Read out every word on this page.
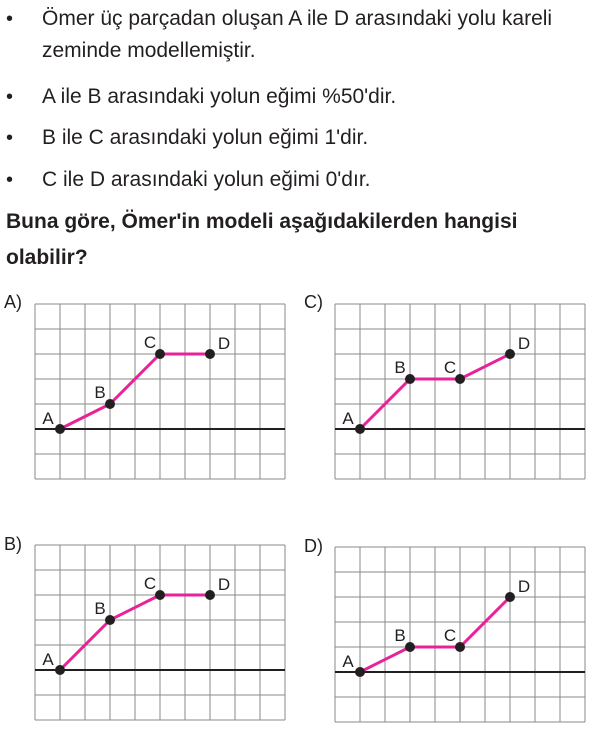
• Ömer üç parçadan oluşan A ile D arasındaki yolu kareli zeminde modellemiştir.
• A ile B arasındaki yolun eğimi %50'dir.
• B ile C arasındaki yolun eğimi 1'dir.
• C ile D arasındaki yolun eğimi 0'dır.
Buna göre, Ömer'in modeli aşağıdakilerden hangisi olabilir?
A)
B)
C)
D)
A
B
C	D
A
B
C	D
A
B C
D
A
B C
D
